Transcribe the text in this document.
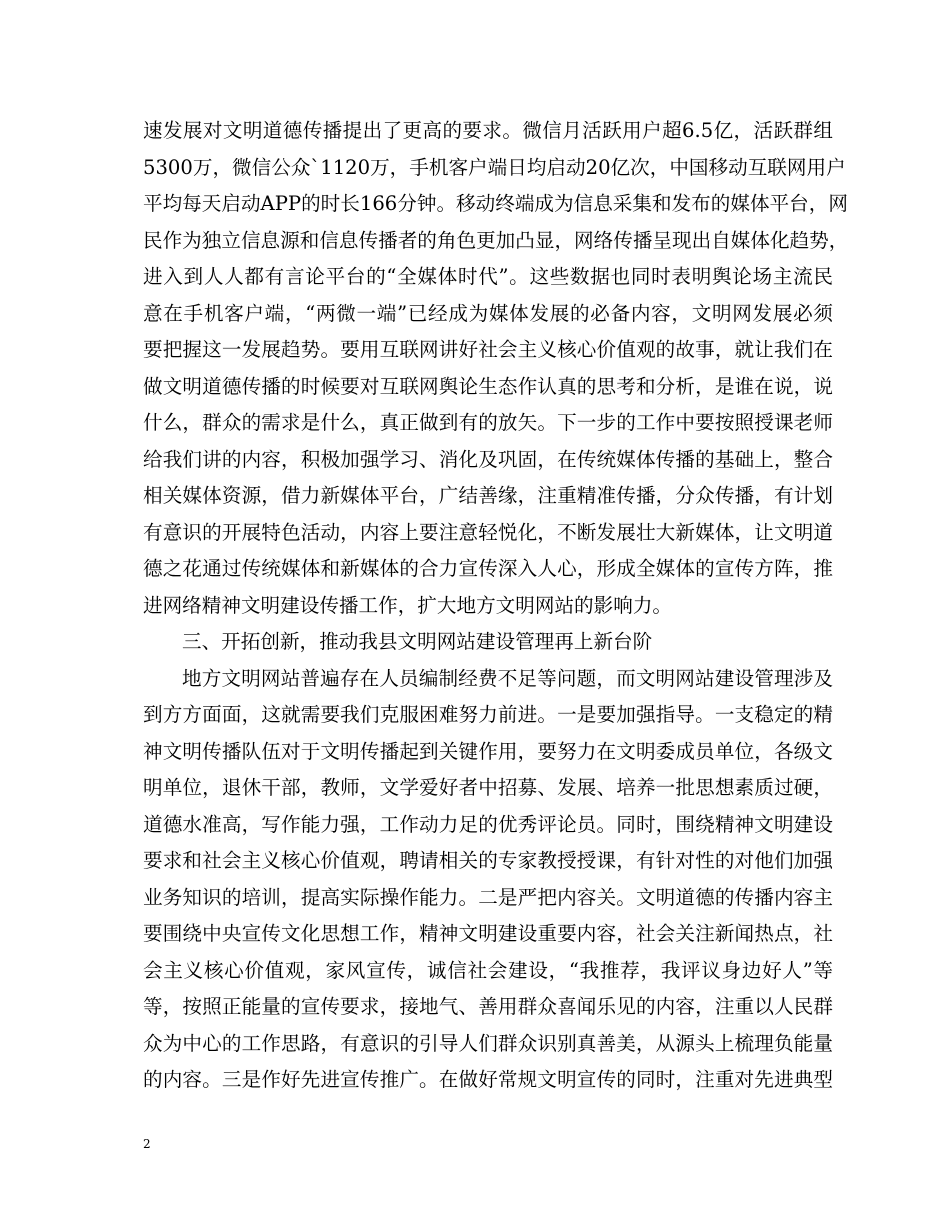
速发展对文明道德传播提出了更高的要求。微信月活跃用户超6.5亿，活跃群组
5300万，微信公众`1120万，手机客户端日均启动20亿次，中国移动互联网用户
平均每天启动APP的时长166分钟。移动终端成为信息采集和发布的媒体平台，网
民作为独立信息源和信息传播者的角色更加凸显，网络传播呈现出自媒体化趋势，
进入到人人都有言论平台的“全媒体时代”。这些数据也同时表明舆论场主流民
意在手机客户端，“两微一端”已经成为媒体发展的必备内容，文明网发展必须
要把握这一发展趋势。要用互联网讲好社会主义核心价值观的故事，就让我们在
做文明道德传播的时候要对互联网舆论生态作认真的思考和分析，是谁在说，说
什么，群众的需求是什么，真正做到有的放矢。下一步的工作中要按照授课老师
给我们讲的内容，积极加强学习、消化及巩固，在传统媒体传播的基础上，整合
相关媒体资源，借力新媒体平台，广结善缘，注重精准传播，分众传播，有计划
有意识的开展特色活动，内容上要注意轻悦化，不断发展壮大新媒体，让文明道
德之花通过传统媒体和新媒体的合力宣传深入人心，形成全媒体的宣传方阵，推
进网络精神文明建设传播工作，扩大地方文明网站的影响力。
三、开拓创新，推动我县文明网站建设管理再上新台阶
地方文明网站普遍存在人员编制经费不足等问题，而文明网站建设管理涉及
到方方面面，这就需要我们克服困难努力前进。一是要加强指导。一支稳定的精
神文明传播队伍对于文明传播起到关键作用，要努力在文明委成员单位，各级文
明单位，退休干部，教师，文学爱好者中招募、发展、培养一批思想素质过硬，
道德水准高，写作能力强，工作动力足的优秀评论员。同时，围绕精神文明建设
要求和社会主义核心价值观，聘请相关的专家教授授课，有针对性的对他们加强
业务知识的培训，提高实际操作能力。二是严把内容关。文明道德的传播内容主
要围绕中央宣传文化思想工作，精神文明建设重要内容，社会关注新闻热点，社
会主义核心价值观，家风宣传，诚信社会建设，“我推荐，我评议身边好人”等
等，按照正能量的宣传要求，接地气、善用群众喜闻乐见的内容，注重以人民群
众为中心的工作思路，有意识的引导人们群众识别真善美，从源头上梳理负能量
的内容。三是作好先进宣传推广。在做好常规文明宣传的同时，注重对先进典型
2
